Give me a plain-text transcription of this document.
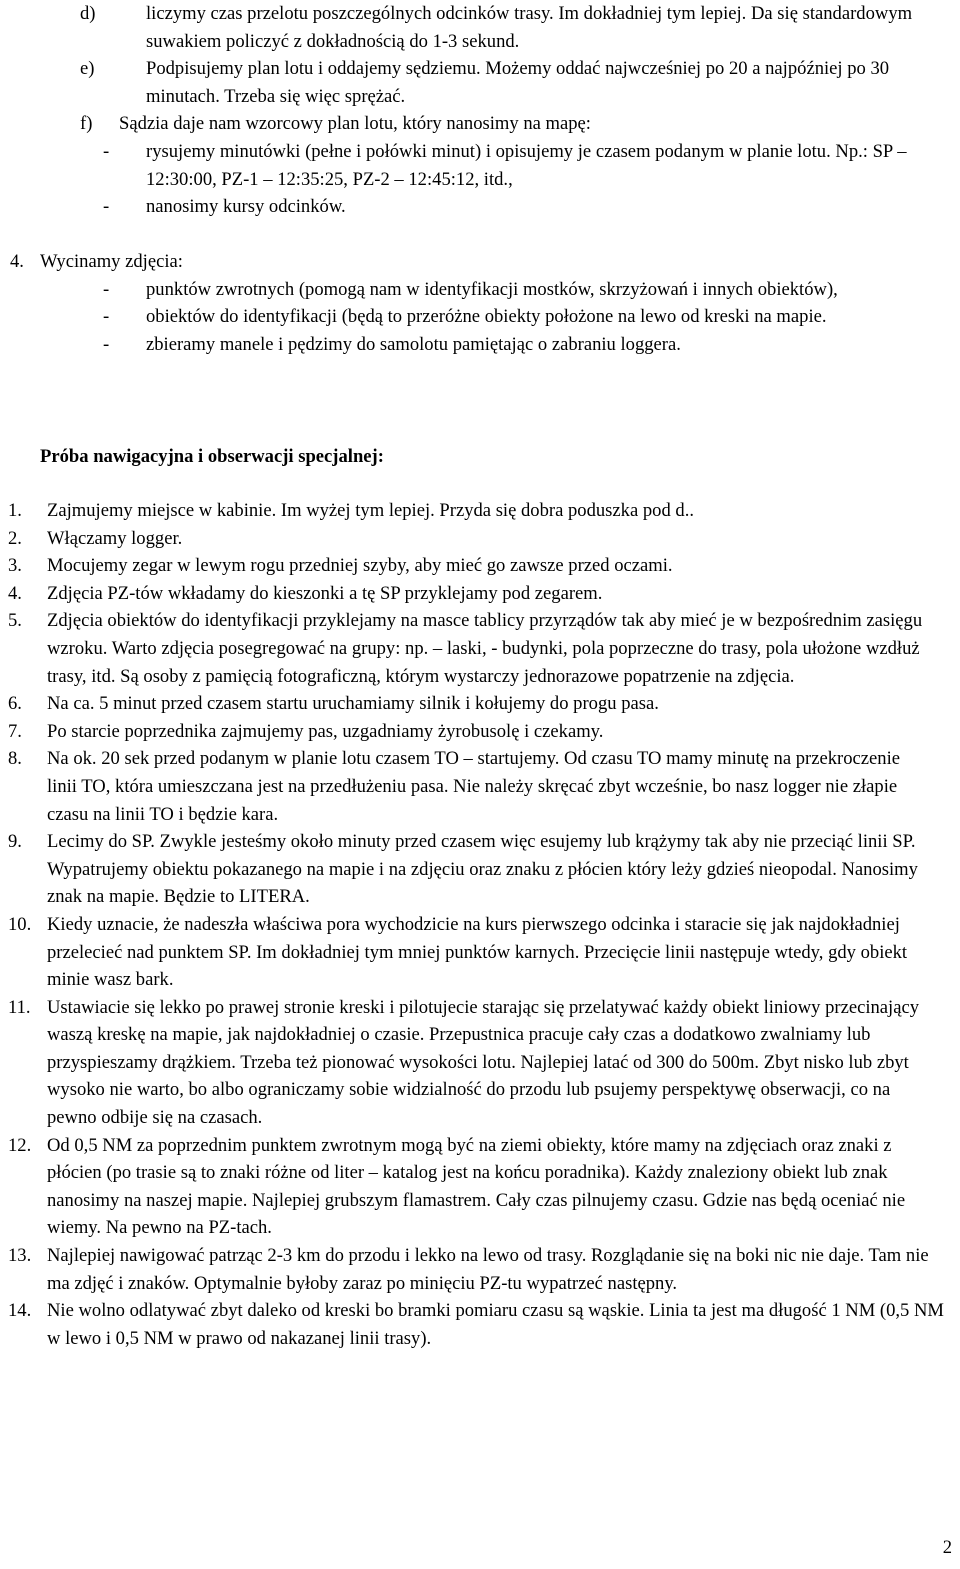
d)	liczymy czas przelotu poszczególnych odcinków trasy. Im dokładniej tym lepiej. Da się standardowym suwakiem policzyć z dokładnością do 1-3 sekund.
e)	Podpisujemy plan lotu i oddajemy sędziemu. Możemy oddać najwcześniej po 20 a najpóźniej po 30 minutach. Trzeba się więc sprężać.
f) Sądzia daje nam wzorcowy plan lotu, który nanosimy na mapę:
- rysujemy minutówki (pełne i połówki minut) i opisujemy je czasem podanym w planie lotu. Np.: SP – 12:30:00, PZ-1 – 12:35:25, PZ-2 – 12:45:12, itd.,
- nanosimy kursy odcinków.
4. Wycinamy zdjęcia:
- punktów zwrotnych (pomogą nam w identyfikacji mostków, skrzyżowań i innych obiektów),
- obiektów do identyfikacji (będą to przeróżne obiekty położone na lewo od kreski na mapie.
- zbieramy manele i pędzimy do samolotu pamiętając o zabraniu loggera.
Próba nawigacyjna i obserwacji specjalnej:
1. Zajmujemy miejsce w kabinie. Im wyżej tym lepiej. Przyda się dobra poduszka pod d..
2. Włączamy logger.
3. Mocujemy zegar w lewym rogu przedniej szyby, aby mieć go zawsze przed oczami.
4. Zdjęcia PZ-tów wkładamy do kieszonki a tę SP przyklejamy pod zegarem.
5. Zdjęcia obiektów do identyfikacji przyklejamy na masce tablicy przyrządów tak aby mieć je w bezpośrednim zasięgu wzroku. Warto zdjęcia posegregować na grupy: np. – laski, - budynki, pola poprzeczne do trasy, pola ułożone wzdłuż trasy, itd. Są osoby z pamięcią fotograficzną, którym wystarczy jednorazowe popatrzenie na zdjęcia.
6. Na ca. 5 minut przed czasem startu uruchamiamy silnik i kołujemy do progu pasa.
7. Po starcie poprzednika zajmujemy pas, uzgadniamy żyrobusolę i czekamy.
8. Na ok. 20 sek przed podanym w planie lotu czasem TO – startujemy. Od czasu TO mamy minutę na przekroczenie linii TO, która umieszczana jest na przedłużeniu pasa. Nie należy skręcać zbyt wcześnie, bo nasz logger nie złapie czasu na linii TO i będzie kara.
9. Lecimy do SP. Zwykle jesteśmy około minuty przed czasem więc esujemy lub krążymy tak aby nie przeciąć linii SP. Wypatrujemy obiektu pokazanego na mapie i na zdjęciu oraz znaku z płócien który leży gdzieś nieopodal. Nanosimy znak na mapie. Będzie to LITERA.
10. Kiedy uznacie, że nadeszła właściwa pora wychodzicie na kurs pierwszego odcinka i staracie się jak najdokładniej przelecieć nad punktem SP. Im dokładniej tym mniej punktów karnych. Przecięcie linii następuje wtedy, gdy obiekt minie wasz bark.
11. Ustawiacie się lekko po prawej stronie kreski i pilotujecie starając się przelatywać każdy obiekt liniowy przecinający waszą kreskę na mapie, jak najdokładniej o czasie. Przepustnica pracuje cały czas a dodatkowo zwalniamy lub przyspieszamy drążkiem. Trzeba też pionować wysokości lotu. Najlepiej latać od 300 do 500m. Zbyt nisko lub zbyt wysoko nie warto, bo albo ograniczamy sobie widzialność do przodu lub psujemy perspektywę obserwacji, co na pewno odbije się na czasach.
12. Od 0,5 NM za poprzednim punktem zwrotnym mogą być na ziemi obiekty, które mamy na zdjęciach oraz znaki z płócien (po trasie są to znaki różne od liter – katalog jest na końcu poradnika). Każdy znaleziony obiekt lub znak nanosimy na naszej mapie. Najlepiej grubszym flamastrem. Cały czas pilnujemy czasu. Gdzie nas będą oceniać nie wiemy. Na pewno na PZ-tach.
13. Najlepiej nawigować patrząc 2-3 km do przodu i lekko na lewo od trasy. Rozglądanie się na boki nic nie daje. Tam nie ma zdjęć i znaków. Optymalnie byłoby zaraz po minięciu PZ-tu wypatrzeć następny.
14. Nie wolno odlatywać zbyt daleko od kreski bo bramki pomiaru czasu są wąskie. Linia ta jest ma długość 1 NM (0,5 NM w lewo i 0,5 NM w prawo od nakazanej linii trasy).
2
